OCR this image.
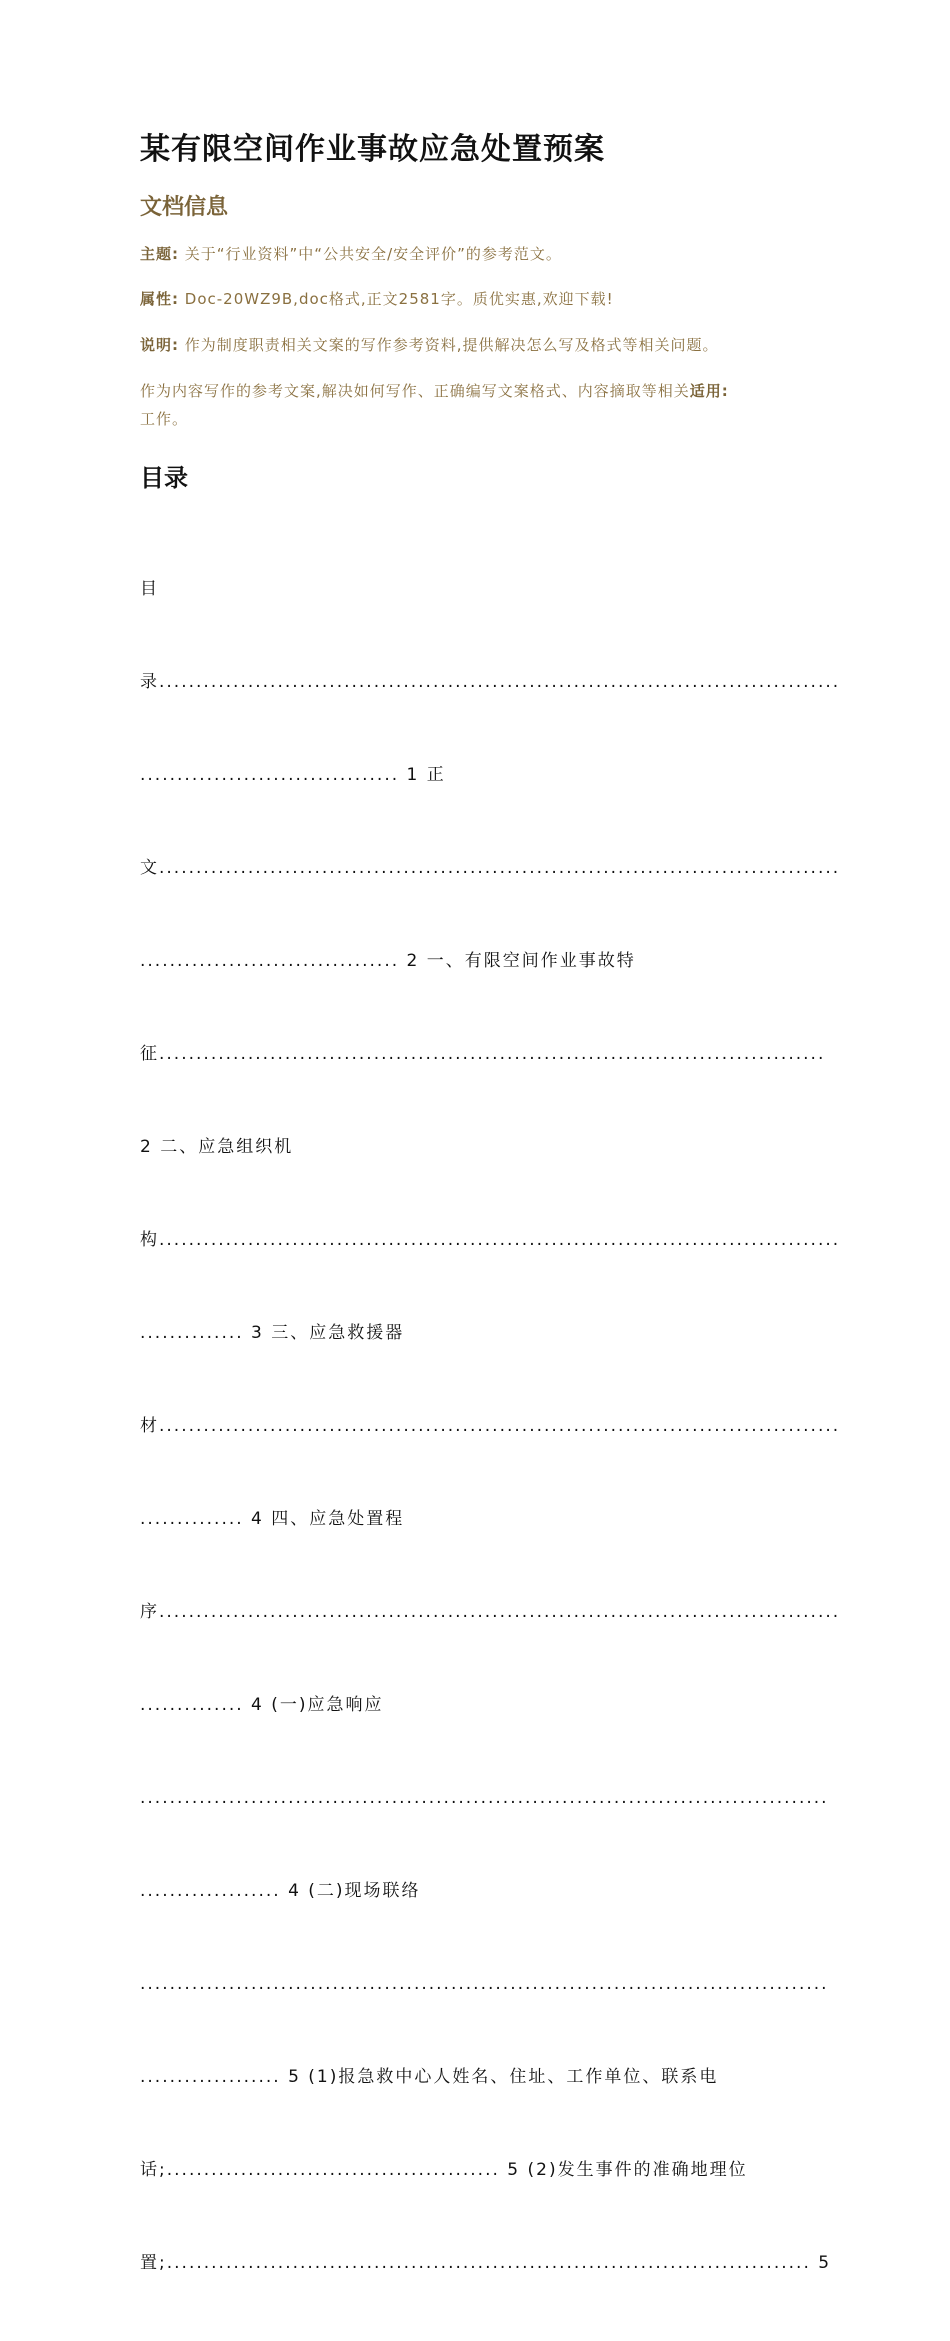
某有限空间作业事故应急处置预案
文档信息

主题: 关于“行业资料”中“公共安全/安全评价”的参考范文。

属性: Doc-20WZ9B,doc格式,正文2581字。质优实惠,欢迎下载!

说明: 作为制度职责相关文案的写作参考资料,提供解决怎么写及格式等相关问题。

作为内容写作的参考文案,解决如何写作、正确编写文案格式、内容摘取等相关适用:
工作。

目录

目

录............................................................................................

................................... 1 正

文............................................................................................

................................... 2 一、有限空间作业事故特

征..........................................................................................

2 二、应急组织机

构............................................................................................

.............. 3 三、应急救援器

材............................................................................................

.............. 4 四、应急处置程

序............................................................................................

.............. 4 (一)应急响应

.............................................................................................

................... 4 (二)现场联络

.............................................................................................

................... 5 (1)报急救中心人姓名、住址、工作单位、联系电

话;............................................. 5 (2)发生事件的准确地理位

置;....................................................................................... 5
